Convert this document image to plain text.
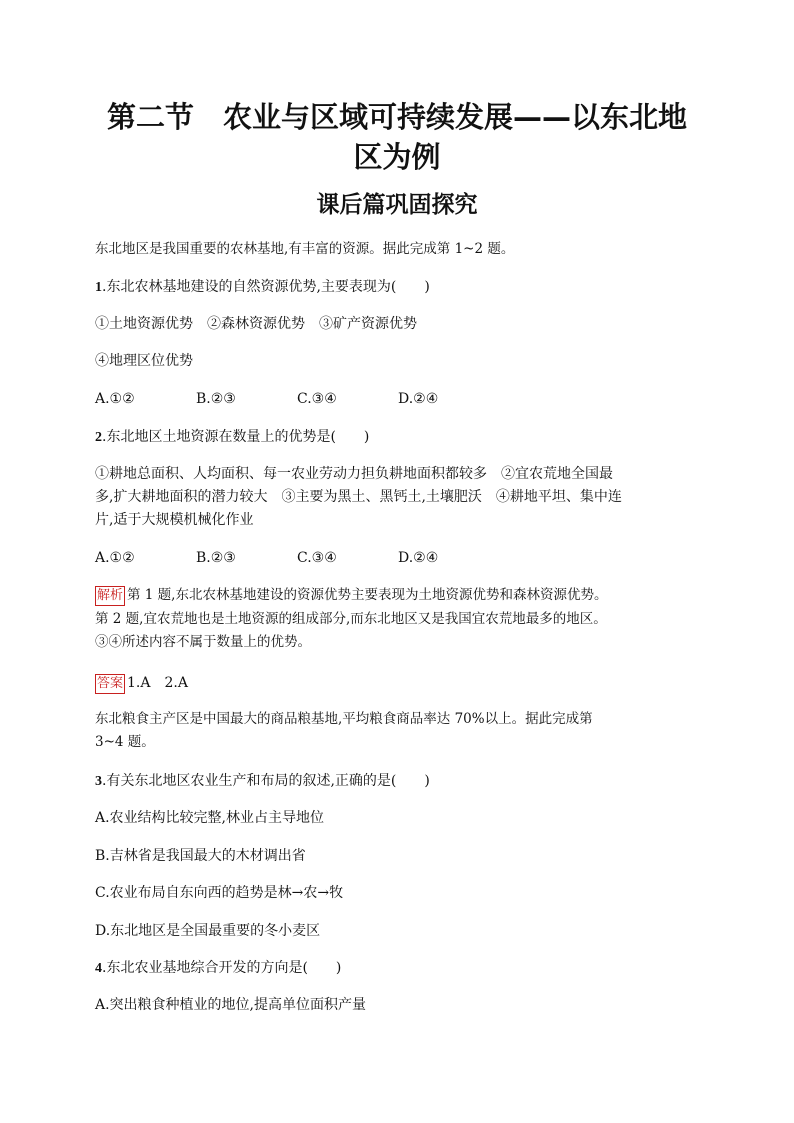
第二节　农业与区域可持续发展——以东北地
区为例
课后篇巩固探究
东北地区是我国重要的农林基地,有丰富的资源。据此完成第 1~2 题。
1.东北农林基地建设的自然资源优势,主要表现为(　　)
①土地资源优势　②森林资源优势　③矿产资源优势
④地理区位优势
A.①②	B.②③	C.③④	D.②④
2.东北地区土地资源在数量上的优势是(　　)
①耕地总面积、人均面积、每一农业劳动力担负耕地面积都较多　②宜农荒地全国最
多,扩大耕地面积的潜力较大　③主要为黑土、黑钙土,土壤肥沃　④耕地平坦、集中连
片,适于大规模机械化作业
A.①②	B.②③	C.③④	D.②④
解析 第 1 题,东北农林基地建设的资源优势主要表现为土地资源优势和森林资源优势。
第 2 题,宜农荒地也是土地资源的组成部分,而东北地区又是我国宜农荒地最多的地区。
③④所述内容不属于数量上的优势。
答案 1.A　2.A
东北粮食主产区是中国最大的商品粮基地,平均粮食商品率达 70%以上。据此完成第
3~4 题。
3.有关东北地区农业生产和布局的叙述,正确的是(　　)
A.农业结构比较完整,林业占主导地位
B.吉林省是我国最大的木材调出省
C.农业布局自东向西的趋势是林→农→牧
D.东北地区是全国最重要的冬小麦区
4.东北农业基地综合开发的方向是(　　)
A.突出粮食种植业的地位,提高单位面积产量
